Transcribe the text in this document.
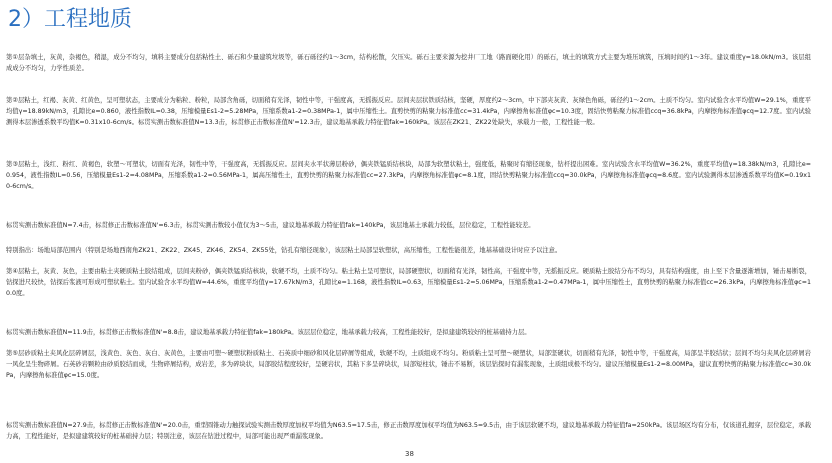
2）工程地质

第①层杂填土，灰黄，杂褐色，稍湿，成分不均匀，填料主要成分包括粘性土、砾石和少量建筑垃圾等，砾石砾径约1～3cm，结构松散，欠压实。砾石主要来源为挖井厂工地（路面硬化用）的砾石，填土的填筑方式主要为堆压填筑，压填时间约1～3年。建议重度γ=18.0kN/m3。该层组成成分不均匀，力学性质差。

第②层粘土，红褐、灰黄、红黄色，呈可塑状态，主要成分为粘粒、粉粒，局部含角砾，切面稍有光泽，韧性中等，干强度高，无摇振反应。层间夹层状铁质结核，坚硬，厚度约2～3cm，中下部夹灰黄、灰绿色角砾，砾径约1～2cm。土质不均匀。室内试验含水平均值W=29.1%，重度平均值γ=18.89kN/m3，孔隙比e=0.860，液性指数IL=0.38，压缩模量Es1-2=5.28MPa，压缩系数a1-2=0.38MPa-1，属中压缩性土。直剪快剪的粘聚力标准值cc=31.4kPa，内摩擦角标准值φc=10.3度，固结快剪粘聚力标准值ccq=36.8kPa，内摩擦角标准值φcq=12.7度。室内试验测得本层渗透系数平均值K=0.31x10-6cm/s。标贯实测击数标准值N=13.3击，标贯修正击数标准值N'=12.3击，建议地基承载力特征值fak=160kPa。该层在ZK21、ZK22处缺失，承载力一般，工程性能一般。

第③层粘土，浅红、粉红、黄褐色，软塑～可塑状，切面有光泽，韧性中等，干强度高，无摇振反应。层间夹水平状薄层粉砂，偶夹铁锰质结核块，局部为软塑状粘土，强度低，粘聚时有缩径现象，钻杆提出困难。室内试验含水平均值W=36.2%，重度平均值γ=18.38kN/m3，孔隙比e=0.954，液性指数IL=0.56，压缩模量Es1-2=4.08MPa，压缩系数a1-2=0.56MPa-1，属高压缩性土，直剪快剪的粘聚力标准值cc=27.3kPa，内摩擦角标准值φc=8.1度，固结快剪粘聚力标准值ccq=30.0kPa，内摩擦角标准值φcq=8.6度。室内试验测得本层渗透系数平均值K=0.19x10-6cm/s。

标贯实测击数标准值N=7.4击，标贯修正击数标准值N'=6.3击，标贯实测击数较小值仅为3～5击，建议地基承载力特征值fak=140kPa，该层地基土承载力较低，层位稳定，工程性能较差。

特别指出：场地局部范围内（特别是场地西南角ZK21、ZK22、ZK45、ZK46、ZK54、ZK55处，钻孔有缩径现象），该层粘土局部呈软塑状，高压缩性，工程性能很差，地基基础设计时应予以注意。

第④层粘土，灰黄、灰色，主要由粘土夹硬质粘土胶结组成，层间夹粉砂，偶夹铁锰质结核块，软硬不均，土质不均匀。粘土粘土呈可塑状，局部硬塑状，切面稍有光泽，韧性高，干强度中等，无摇振反应。硬质粘土胶结分布不均匀，具有结构强度，由上至下含量逐渐增加，锤击易断裂，钻探进尺较快，钻探后浆液可形成可塑状粘土。室内试验含水平均值W=44.6%，重度平均值γ=17.67kN/m3，孔隙比e=1.168，液性指数IL=0.63，压缩模量Es1-2=5.06MPa，压缩系数a1-2=0.47MPa-1，属中压缩性土，直剪快剪的粘聚力标准值cc=26.3kPa，内摩擦角标准值φc=10.0度。

标贯实测击数标准值N=11.9击，标贯修正击数标准值N'=8.8击，建议地基承载力特征值fak=180kPa。该层层位稳定，地基承载力较高，工程性能较好，是拟建建筑较好的桩基础持力层。

第⑤层砂质粘土夹风化层碎屑层，浅黄色、灰色、灰白、灰黄色，主要由可塑～硬塑状粉质粘土、石英质中细砂和风化层碎屑等组成，软硬不均，土质组成不均匀。粉质粘土呈可塑～硬塑状，局部坚硬状，切面稍有光泽，韧性中等，干强度高，局部呈半胶结状；层间不均匀夹风化层碎屑岩一风化呈生物碎屑。石英砂岩颗粒由砂质胶结而成，生物碎屑结构，成岩差，多为碎块状，局部胶结程度较好，呈硬岩状，其粘下多呈碎块状，局部短柱状，锤击不易断，该层钻探时有漏浆现象，土质组成极不均匀。建议压缩模量Es1-2=8.00MPa，建议直剪快剪的粘聚力标准值cc=30.0kPa，内摩擦角标准值φc=15.0度。

标贯实测击数标准值N=27.9击，标贯修正击数标准值N'=20.0击，重型圆锥动力触探试验实测击数厚度加权平均值为N63.5=17.5击，修正击数厚度加权平均值为N63.5=9.5击，由于该层软硬不均，建议地基承载力特征值fa=250kPa。该层场区均有分布，仅该道孔揭穿，层位稳定，承载力高，工程性能好，是拟建建筑较好的桩基础持力层；特别注意，该层在钻进过程中，局部可能出现严重漏浆现象。

38
